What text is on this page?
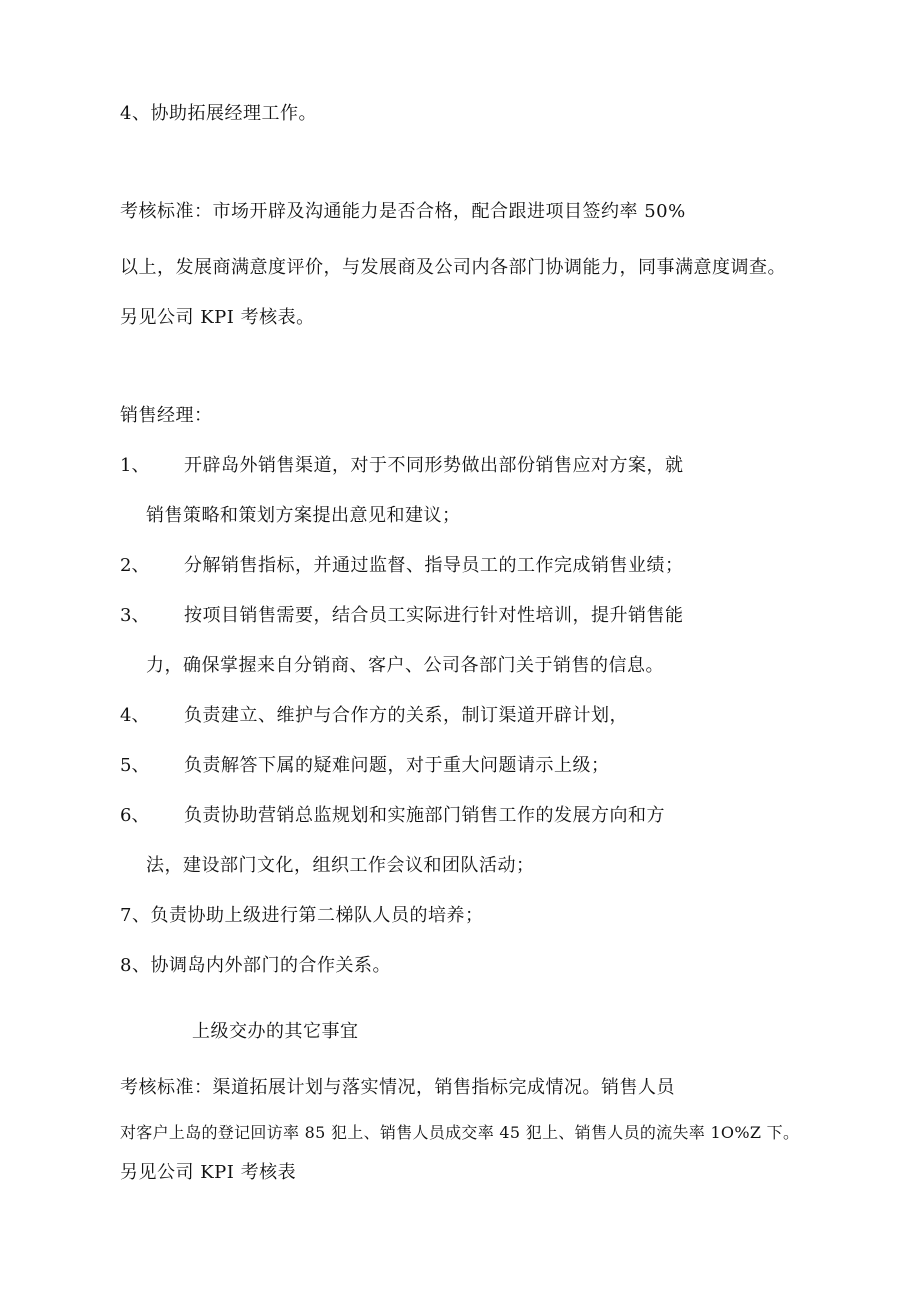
4、协助拓展经理工作。
考核标准：市场开辟及沟通能力是否合格，配合跟进项目签约率 50%
以上，发展商满意度评价，与发展商及公司内各部门协调能力，同事满意度调查。
另见公司 KPI 考核表。
销售经理：
1、 开辟岛外销售渠道，对于不同形势做出部份销售应对方案，就
销售策略和策划方案提出意见和建议；
2、 分解销售指标，并通过监督、指导员工的工作完成销售业绩；
3、 按项目销售需要，结合员工实际进行针对性培训，提升销售能
力，确保掌握来自分销商、客户、公司各部门关于销售的信息。
4、 负责建立、维护与合作方的关系，制订渠道开辟计划，
5、 负责解答下属的疑难问题，对于重大问题请示上级；
6、 负责协助营销总监规划和实施部门销售工作的发展方向和方
法，建设部门文化，组织工作会议和团队活动；
7、负责协助上级进行第二梯队人员的培养；
8、协调岛内外部门的合作关系。
上级交办的其它事宜
考核标准：渠道拓展计划与落实情况，销售指标完成情况。销售人员
对客户上岛的登记回访率 85 犯上、销售人员成交率 45 犯上、销售人员的流失率 1O%Z 下。
另见公司 KPI 考核表
